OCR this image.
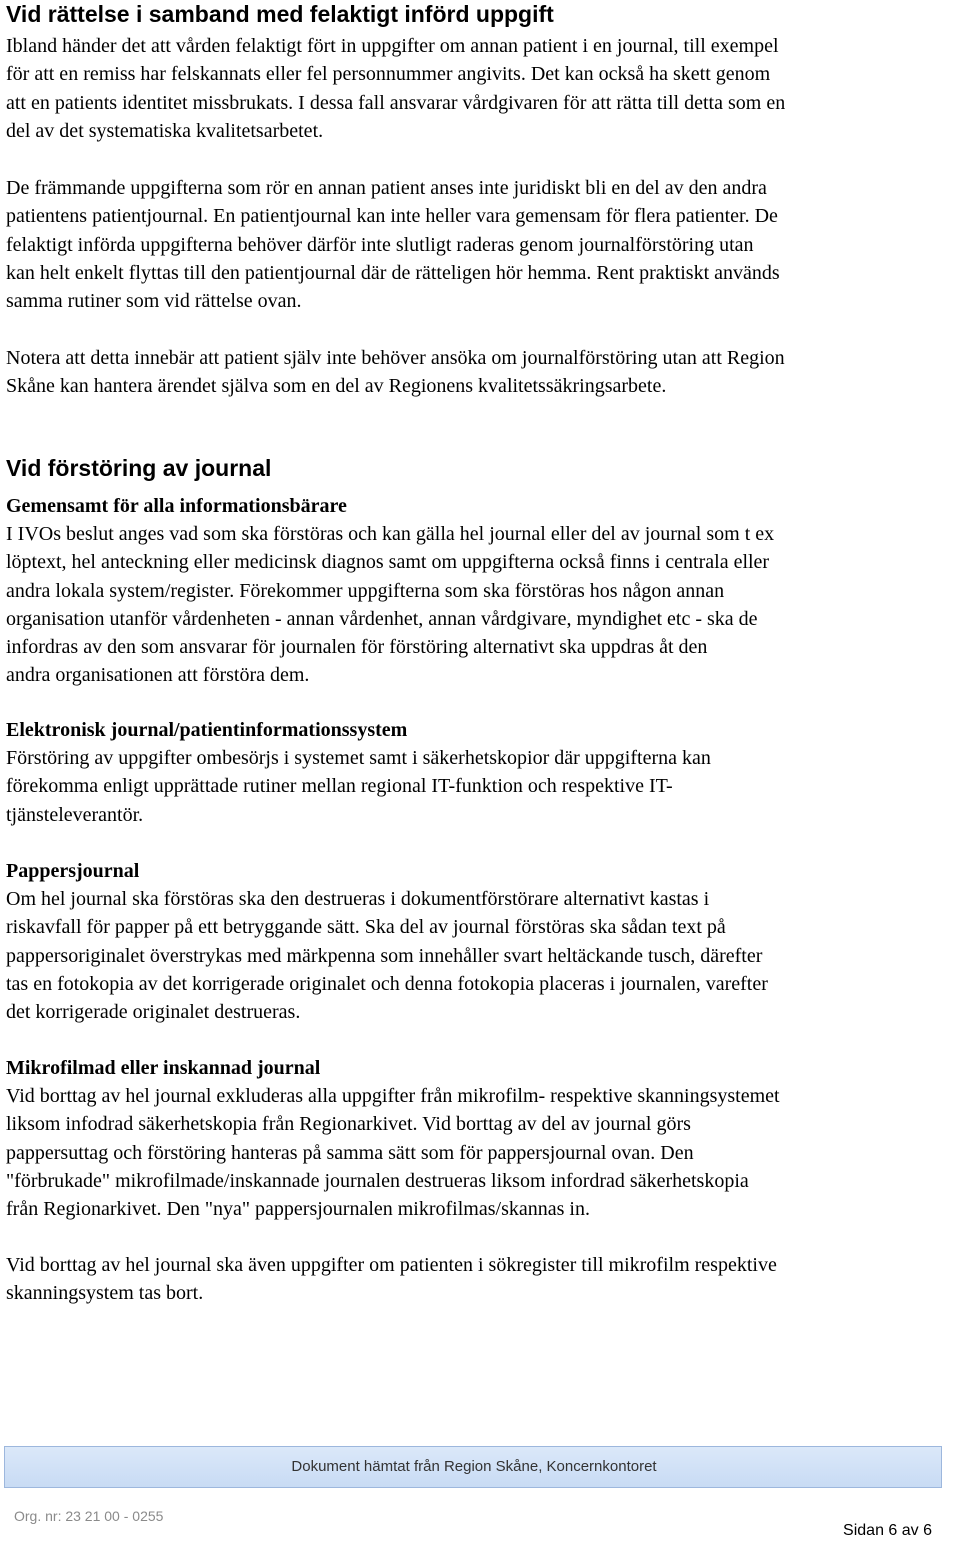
Vid rättelse i samband med felaktigt införd uppgift

Ibland händer det att vården felaktigt fört in uppgifter om annan patient i en journal, till exempel
för att en remiss har felskannats eller fel personnummer angivits. Det kan också ha skett genom
att en patients identitet missbrukats. I dessa fall ansvarar vårdgivaren för att rätta till detta som en
del av det systematiska kvalitetsarbetet.

De främmande uppgifterna som rör en annan patient anses inte juridiskt bli en del av den andra
patientens patientjournal. En patientjournal kan inte heller vara gemensam för flera patienter. De
felaktigt införda uppgifterna behöver därför inte slutligt raderas genom journalförstöring utan
kan helt enkelt flyttas till den patientjournal där de rätteligen hör hemma. Rent praktiskt används
samma rutiner som vid rättelse ovan.

Notera att detta innebär att patient själv inte behöver ansöka om journalförstöring utan att Region
Skåne kan hantera ärendet själva som en del av Regionens kvalitetssäkringsarbete.

Vid förstöring av journal
Gemensamt för alla informationsbärare

I IVOs beslut anges vad som ska förstöras och kan gälla hel journal eller del av journal som t ex
löptext, hel anteckning eller medicinsk diagnos samt om uppgifterna också finns i centrala eller
andra lokala system/register. Förekommer uppgifterna som ska förstöras hos någon annan
organisation utanför vårdenheten - annan vårdenhet, annan vårdgivare, myndighet etc - ska de
infordras av den som ansvarar för journalen för förstöring alternativt ska uppdras åt den
andra organisationen att förstöra dem.

Elektronisk journal/patientinformationssystem

Förstöring av uppgifter ombesörjs i systemet samt i säkerhetskopior där uppgifterna kan
förekomma enligt upprättade rutiner mellan regional IT-funktion och respektive IT-
tjänsteleverantör.

Pappersjournal

Om hel journal ska förstöras ska den destrueras i dokumentförstörare alternativt kastas i
riskavfall för papper på ett betryggande sätt. Ska del av journal förstöras ska sådan text på
pappersoriginalet överstrykas med märkpenna som innehåller svart heltäckande tusch, därefter
tas en fotokopia av det korrigerade originalet och denna fotokopia placeras i journalen, varefter
det korrigerade originalet destrueras.

Mikrofilmad eller inskannad journal

Vid borttag av hel journal exkluderas alla uppgifter från mikrofilm- respektive skanningsystemet
liksom infodrad säkerhetskopia från Regionarkivet. Vid borttag av del av journal görs
pappersuttag och förstöring hanteras på samma sätt som för pappersjournal ovan. Den
"förbrukade" mikrofilmade/inskannade journalen destrueras liksom infordrad säkerhetskopia
från Regionarkivet. Den "nya" pappersjournalen mikrofilmas/skannas in.

Vid borttag av hel journal ska även uppgifter om patienten i sökregister till mikrofilm respektive
skanningsystem tas bort.

Dokument hämtat från Region Skåne, Koncernkontoret
Org. nr: 23 21 00 - 0255
Sidan 6 av 6
